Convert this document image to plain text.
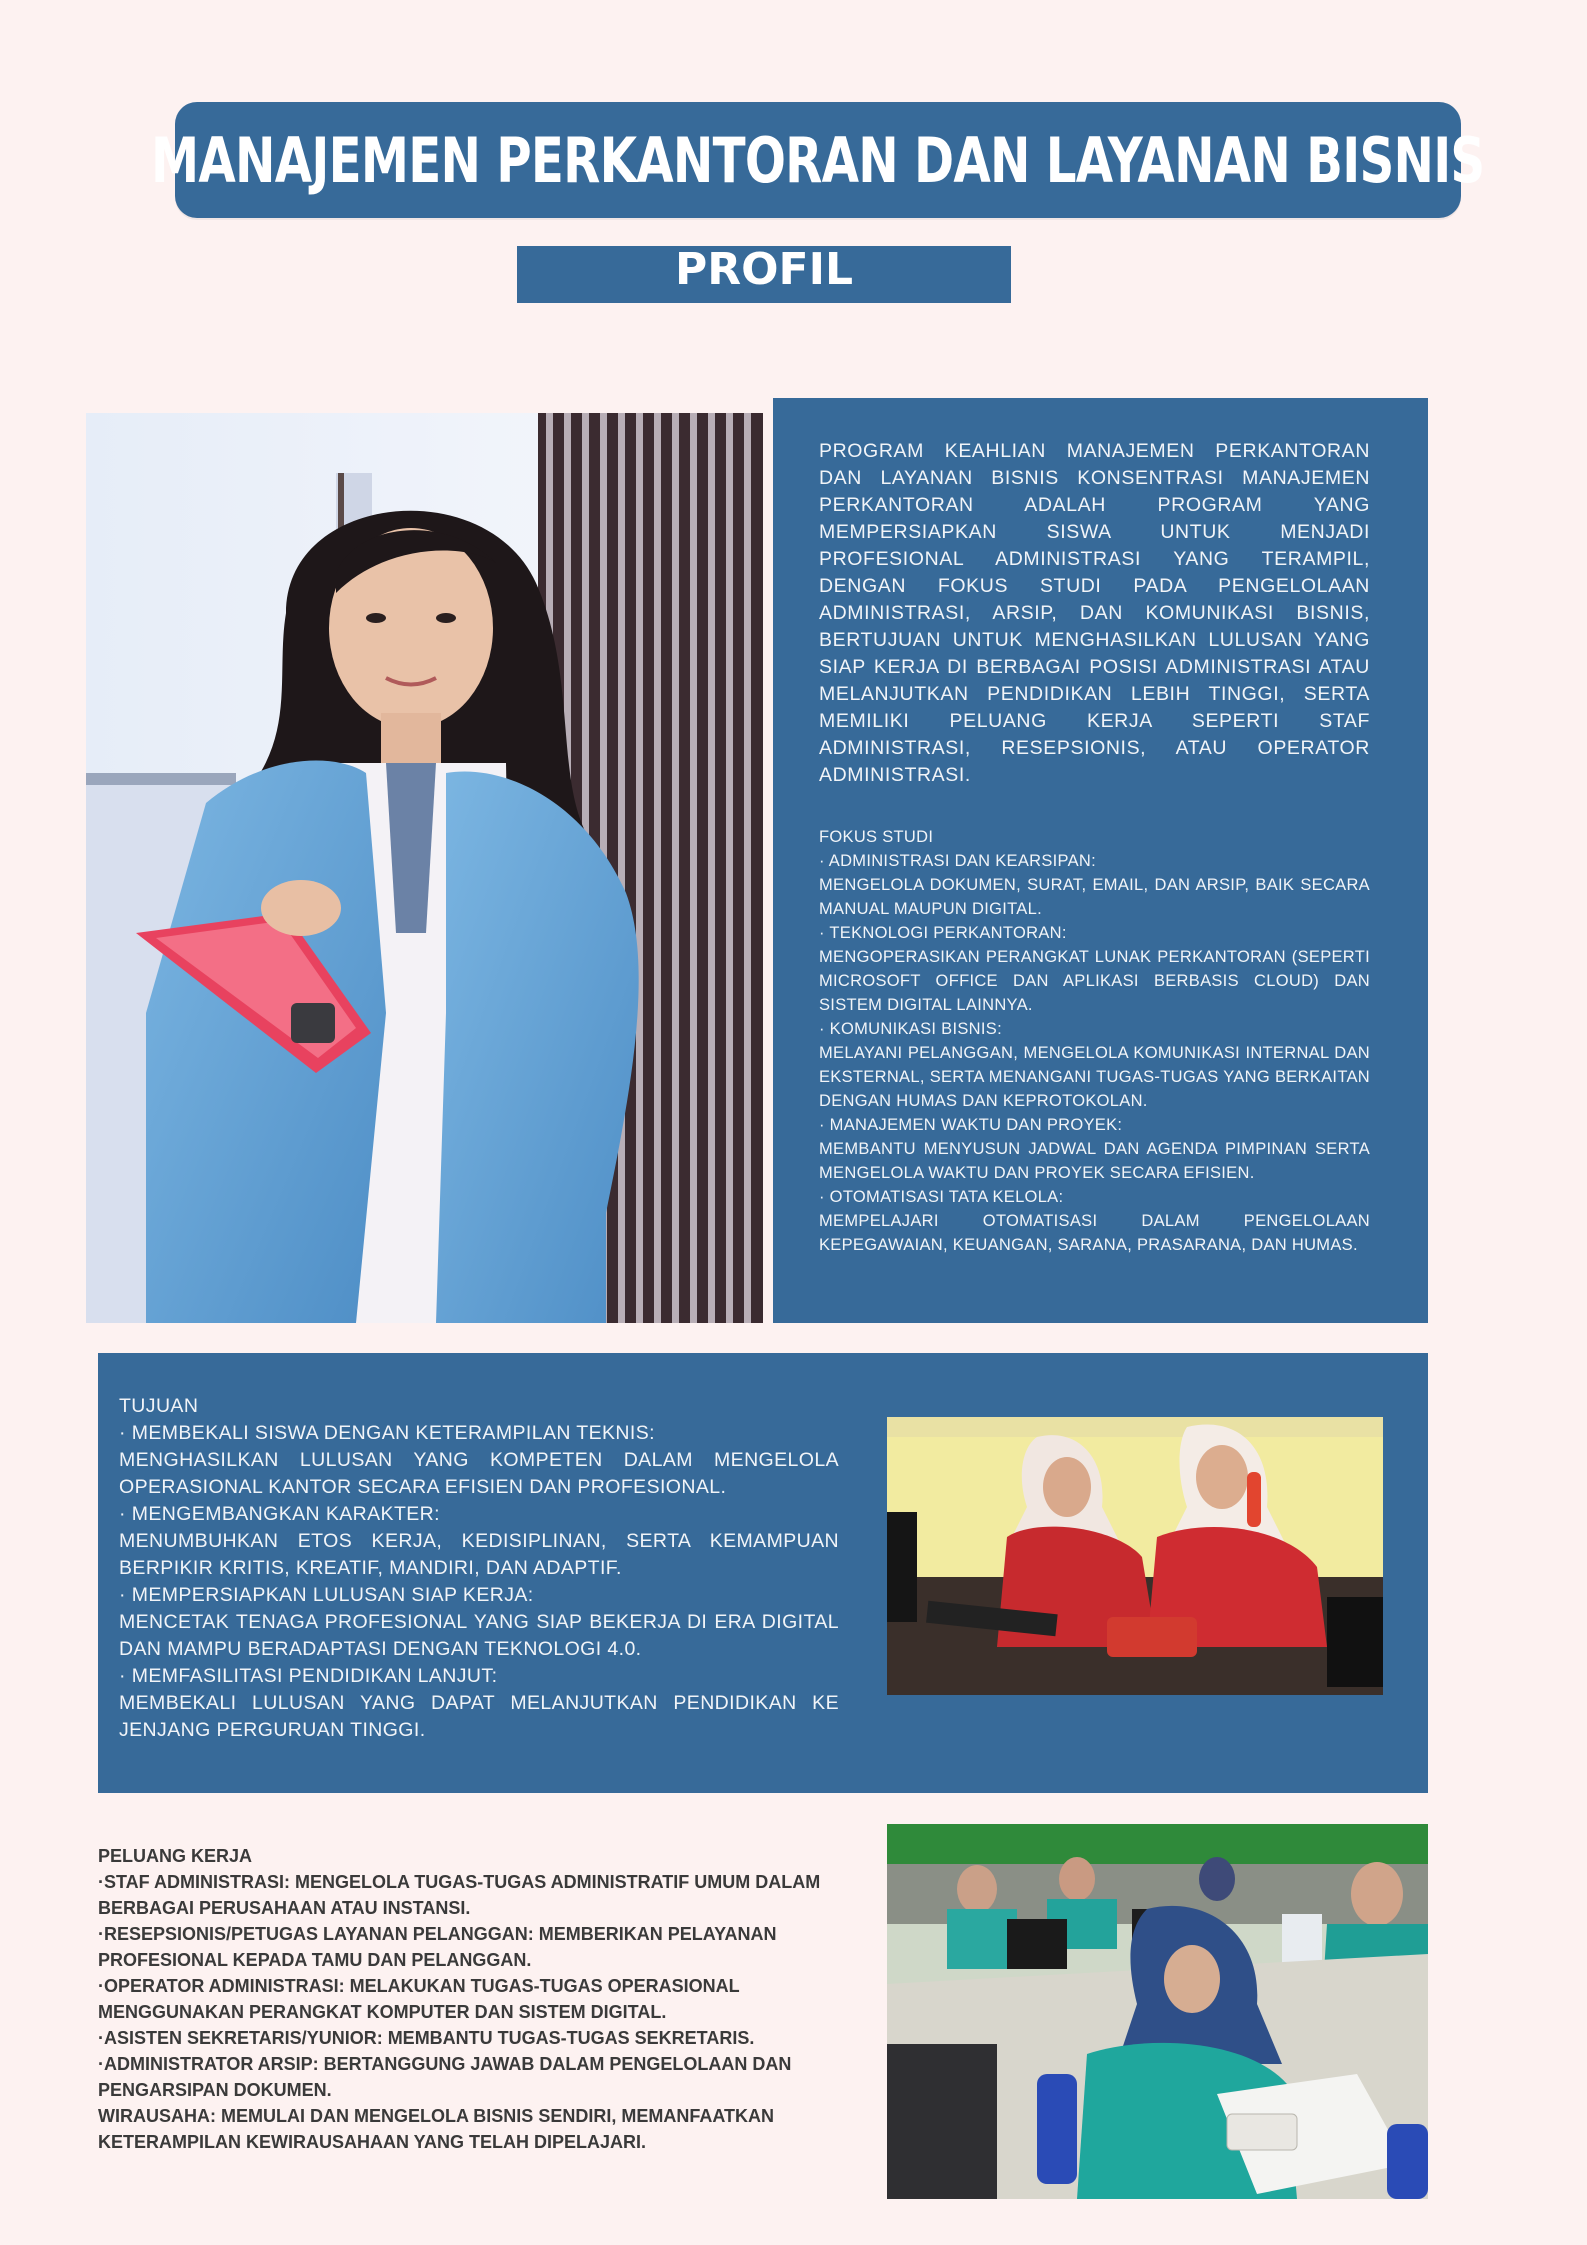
MANAJEMEN PERKANTORAN DAN LAYANAN BISNIS
PROFIL

PROGRAM KEAHLIAN MANAJEMEN PERKANTORAN DAN LAYANAN BISNIS KONSENTRASI MANAJEMEN PERKANTORAN ADALAH PROGRAM YANG MEMPERSIAPKAN SISWA UNTUK MENJADI PROFESIONAL ADMINISTRASI YANG TERAMPIL, DENGAN FOKUS STUDI PADA PENGELOLAAN ADMINISTRASI, ARSIP, DAN KOMUNIKASI BISNIS, BERTUJUAN UNTUK MENGHASILKAN LULUSAN YANG SIAP KERJA DI BERBAGAI POSISI ADMINISTRASI ATAU MELANJUTKAN PENDIDIKAN LEBIH TINGGI, SERTA MEMILIKI PELUANG KERJA SEPERTI STAF ADMINISTRASI, RESEPSIONIS, ATAU OPERATOR ADMINISTRASI.

FOKUS STUDI

· ADMINISTRASI DAN KEARSIPAN:

MENGELOLA DOKUMEN, SURAT, EMAIL, DAN ARSIP, BAIK SECARA MANUAL MAUPUN DIGITAL.

· TEKNOLOGI PERKANTORAN:

MENGOPERASIKAN PERANGKAT LUNAK PERKANTORAN (SEPERTI MICROSOFT OFFICE DAN APLIKASI BERBASIS CLOUD) DAN SISTEM DIGITAL LAINNYA.

· KOMUNIKASI BISNIS:

MELAYANI PELANGGAN, MENGELOLA KOMUNIKASI INTERNAL DAN EKSTERNAL, SERTA MENANGANI TUGAS-TUGAS YANG BERKAITAN DENGAN HUMAS DAN KEPROTOKOLAN.

· MANAJEMEN WAKTU DAN PROYEK:

MEMBANTU MENYUSUN JADWAL DAN AGENDA PIMPINAN SERTA MENGELOLA WAKTU DAN PROYEK SECARA EFISIEN.

· OTOMATISASI TATA KELOLA:

MEMPELAJARI OTOMATISASI DALAM PENGELOLAAN KEPEGAWAIAN, KEUANGAN, SARANA, PRASARANA, DAN HUMAS.

TUJUAN

· MEMBEKALI SISWA DENGAN KETERAMPILAN TEKNIS:

MENGHASILKAN LULUSAN YANG KOMPETEN DALAM MENGELOLA OPERASIONAL KANTOR SECARA EFISIEN DAN PROFESIONAL.

· MENGEMBANGKAN KARAKTER:

MENUMBUHKAN ETOS KERJA, KEDISIPLINAN, SERTA KEMAMPUAN BERPIKIR KRITIS, KREATIF, MANDIRI, DAN ADAPTIF.

· MEMPERSIAPKAN LULUSAN SIAP KERJA:

MENCETAK TENAGA PROFESIONAL YANG SIAP BEKERJA DI ERA DIGITAL DAN MAMPU BERADAPTASI DENGAN TEKNOLOGI 4.0.

· MEMFASILITASI PENDIDIKAN LANJUT:

MEMBEKALI LULUSAN YANG DAPAT MELANJUTKAN PENDIDIKAN KE JENJANG PERGURUAN TINGGI.

PELUANG KERJA

·STAF ADMINISTRASI: MENGELOLA TUGAS-TUGAS ADMINISTRATIF UMUM DALAM BERBAGAI PERUSAHAAN ATAU INSTANSI.

·RESEPSIONIS/PETUGAS LAYANAN PELANGGAN: MEMBERIKAN PELAYANAN PROFESIONAL KEPADA TAMU DAN PELANGGAN.

·OPERATOR ADMINISTRASI: MELAKUKAN TUGAS-TUGAS OPERASIONAL MENGGUNAKAN PERANGKAT KOMPUTER DAN SISTEM DIGITAL.

·ASISTEN SEKRETARIS/YUNIOR: MEMBANTU TUGAS-TUGAS SEKRETARIS.

·ADMINISTRATOR ARSIP: BERTANGGUNG JAWAB DALAM PENGELOLAAN DAN PENGARSIPAN DOKUMEN.

WIRAUSAHA: MEMULAI DAN MENGELOLA BISNIS SENDIRI, MEMANFAATKAN KETERAMPILAN KEWIRAUSAHAAN YANG TELAH DIPELAJARI.
